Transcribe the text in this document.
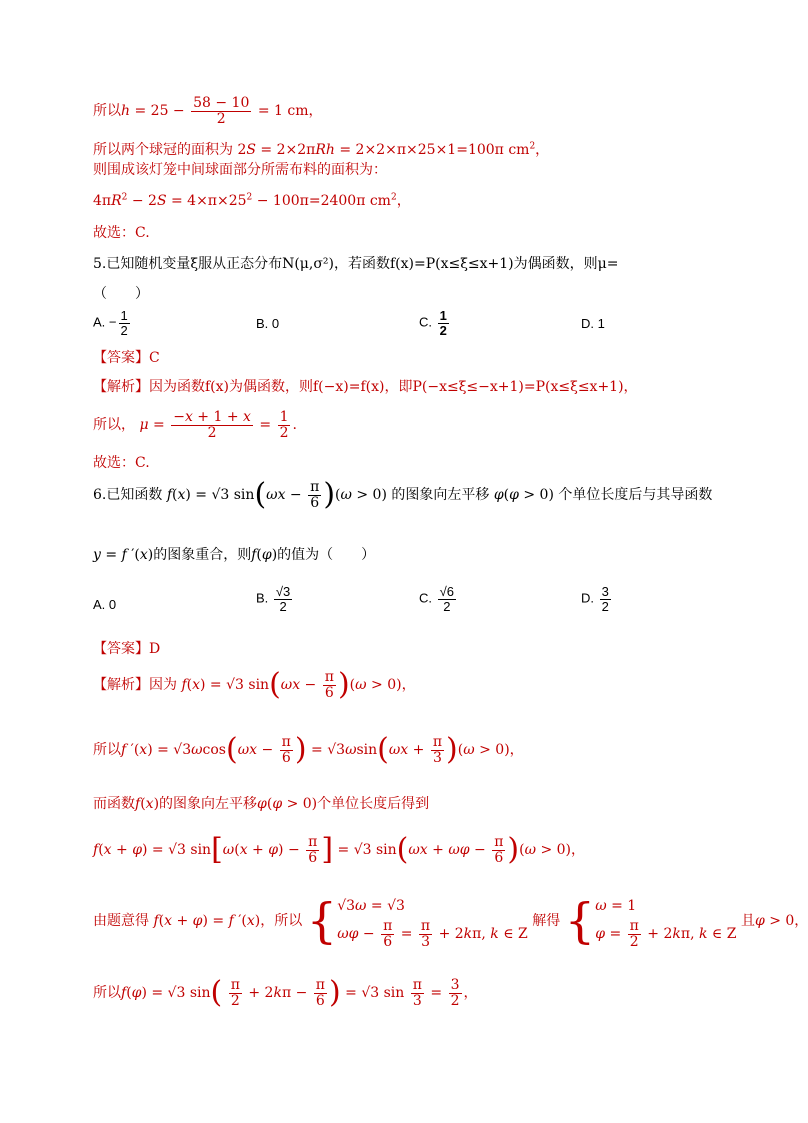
所以$h = 25 - \frac{58 - 10}{2} = 1$ cm，
所以两个球冠的面积为 2S = 2×2πRh = 2×2×π×25×1=100π $cm^2$，
则围成该灯笼中间球面部分所需布料的面积为：
$4\pi R^2 - 2S = 4\times\pi\times 25^2 - 100\pi=2400\pi$ $cm^2$，
故选：C.
5.已知随机变量ξ服从正态分布N(μ,σ²)，若函数f(x)=P(x≤ξ≤x+1)为偶函数，则μ=
（　　）
A. − $\frac{1}{2}$	B. 0	C. $\frac{1}{2}$	D. 1
【答案】C
【解析】因为函数f(x)为偶函数，则f(−x)=f(x)，即P(−x≤ξ≤−x+1)=P(x≤ξ≤x+1)，
所以， $\mu = \frac{-x + 1 + x}{2} = \frac{1}{2}$ .
故选：C.
6.已知函数 f(x) = √3 $\sin(\omega x - \frac{\pi}{6} )(\omega > 0)$ 的图象向左平移 φ(φ > 0) 个单位长度后与其导函数
y = f ′(x)的图象重合，则f(φ)的值为（　　）
A. 0	B. $\frac{√3}{2}$	C. $\frac{√6}{2}$	D. $\frac{3}{2}$
【答案】D
【解析】因为 f(x) = √3 $\sin(\omega x - \frac{\pi}{6} )(\omega > 0)$，
所以f $'(x) = √3\omega\cos(\omega x - \frac{\pi}{6}$ ) = $√3\omega\sin(\omega x + \frac{\pi}{3} )(\omega > 0)$，
而函数f(x)的图象向左平移φ(φ > 0)个单位长度后得到
f(x + φ) = √3 $\sin[\omega(x + \varphi) - \frac{\pi}{6}$ ] = √3 $\sin(\omega x + \omega\varphi - \frac{\pi}{6} )(\omega > 0)$，
由题意得 f(x + φ) = f ′(x)，所以 { √3ω = √3
$\omega\varphi - \frac{\pi}{6} = \frac{\pi}{3} + 2k\pi$, k ∈ Z
解得 { ω = 1
$\varphi = \frac{\pi}{2} + 2k\pi$, k ∈ Z
且φ > 0，
所以f(φ) = √3 $\sin( \frac{\pi}{2} + 2k\pi - \frac{\pi}{6}$ ) = √3 $\sin \frac{\pi}{3} = \frac{3}{2}$ ，
